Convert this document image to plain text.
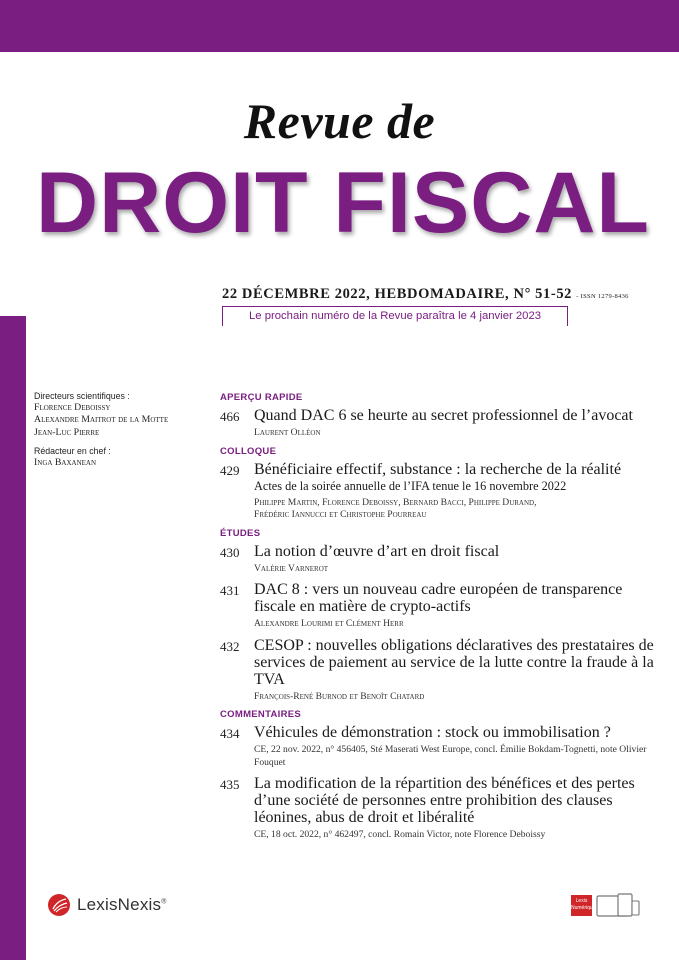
Revue de
DROIT FISCAL
22 DÉCEMBRE 2022, HEBDOMADAIRE, N° 51-52 - ISSN 1279-8436
Le prochain numéro de la Revue paraîtra le 4 janvier 2023
Directeurs scientifiques :
Florence Deboissy
Alexandre Maitrot de la Motte
Jean-Luc Pierre
Rédacteur en chef :
Inga Baxanean
APERÇU RAPIDE
466 Quand DAC 6 se heurte au secret professionnel de l’avocat
Laurent Olléon
COLLOQUE
429 Bénéficiaire effectif, substance : la recherche de la réalité
Actes de la soirée annuelle de l’IFA tenue le 16 novembre 2022
Philippe Martin, Florence Deboissy, Bernard Bacci, Philippe Durand,
Frédéric Iannucci et Christophe Pourreau
ÉTUDES
430 La notion d’œuvre d’art en droit fiscal
Valérie Varnerot
431 DAC 8 : vers un nouveau cadre européen de transparence fiscale en matière de crypto-actifs
Alexandre Lourimi et Clément Herr
432 CESOP : nouvelles obligations déclaratives des prestataires de services de paiement au service de la lutte contre la fraude à la TVA
François-René Burnod et Benoît Chatard
COMMENTAIRES
434 Véhicules de démonstration : stock ou immobilisation ?
CE, 22 nov. 2022, n° 456405, Sté Maserati West Europe, concl. Émilie Bokdam-Tognetti, note Olivier Fouquet
435 La modification de la répartition des bénéfices et des pertes d’une société de personnes entre prohibition des clauses léonines, abus de droit et libéralité
CE, 18 oct. 2022, n° 462497, concl. Romain Victor, note Florence Deboissy
LexisNexis®	Lexis Numérique
